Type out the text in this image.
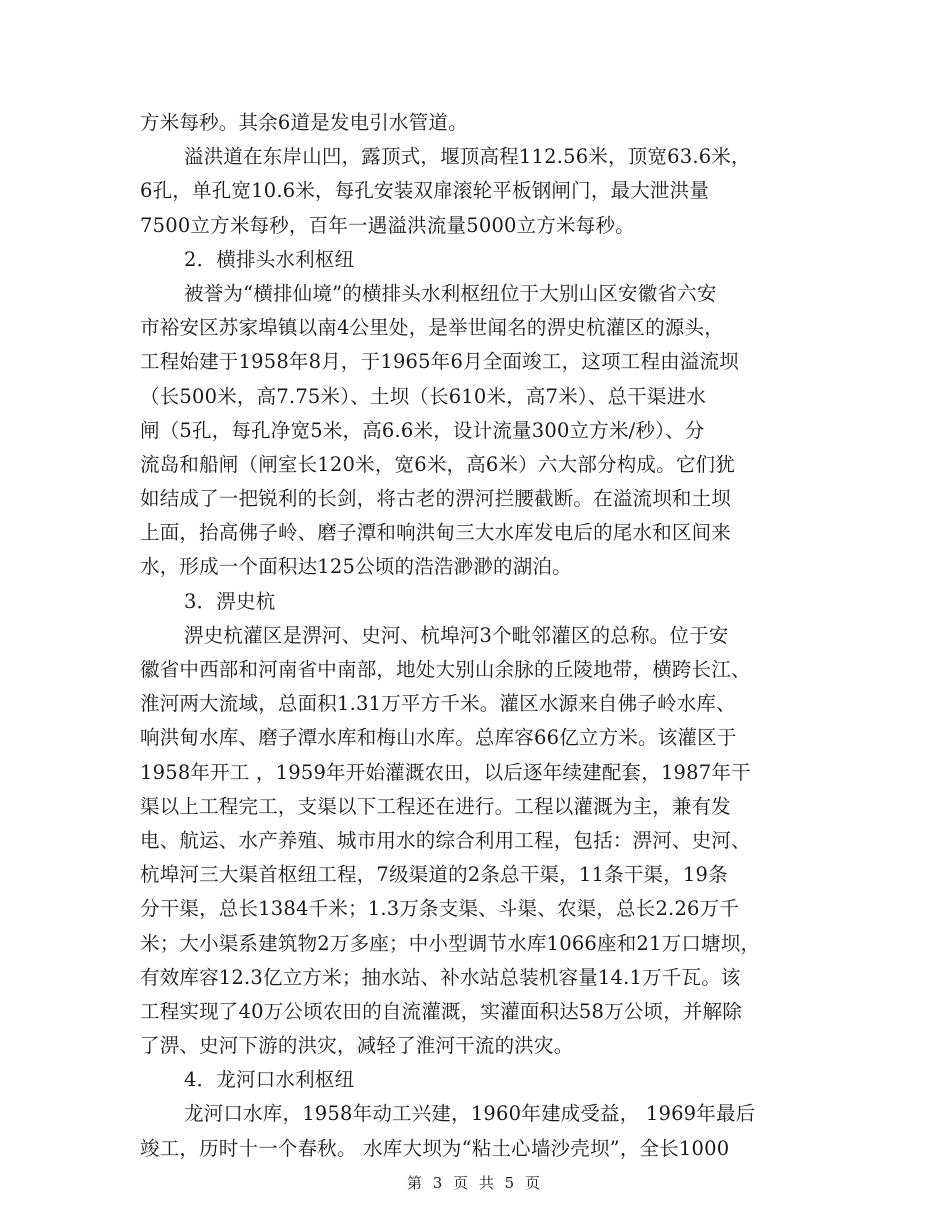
方米每秒。其余6道是发电引水管道。
溢洪道在东岸山凹，露顶式，堰顶高程112.56米，顶宽63.6米，
6孔，单孔宽10.6米，每孔安装双扉滚轮平板钢闸门，最大泄洪量
7500立方米每秒，百年一遇溢洪流量5000立方米每秒。
2．横排头水利枢纽
被誉为“横排仙境”的横排头水利枢纽位于大别山区安徽省六安
市裕安区苏家埠镇以南4公里处，是举世闻名的淠史杭灌区的源头，
工程始建于1958年8月，于1965年6月全面竣工，这项工程由溢流坝
（长500米，高7.75米）、土坝（长610米，高7米）、总干渠进水
闸（5孔，每孔净宽5米，高6.6米，设计流量300立方米/秒）、分
流岛和船闸（闸室长120米，宽6米，高6米）六大部分构成。它们犹
如结成了一把锐利的长剑，将古老的淠河拦腰截断。在溢流坝和土坝
上面，抬高佛子岭、磨子潭和响洪甸三大水库发电后的尾水和区间来
水，形成一个面积达125公顷的浩浩渺渺的湖泊。
3．淠史杭
淠史杭灌区是淠河、史河、杭埠河3个毗邻灌区的总称。位于安
徽省中西部和河南省中南部，地处大别山余脉的丘陵地带，横跨长江、
淮河两大流域，总面积1.31万平方千米。灌区水源来自佛子岭水库、
响洪甸水库、磨子潭水库和梅山水库。总库容66亿立方米。该灌区于
1958年开工 ，1959年开始灌溉农田，以后逐年续建配套，1987年干
渠以上工程完工，支渠以下工程还在进行。工程以灌溉为主，兼有发
电、航运、水产养殖、城市用水的综合利用工程，包括：淠河、史河、
杭埠河三大渠首枢纽工程，7级渠道的2条总干渠，11条干渠，19条
分干渠，总长1384千米；1.3万条支渠、斗渠、农渠，总长2.26万千
米；大小渠系建筑物2万多座；中小型调节水库1066座和21万口塘坝，
有效库容12.3亿立方米；抽水站、补水站总装机容量14.1万千瓦。该
工程实现了40万公顷农田的自流灌溉，实灌面积达58万公顷，并解除
了淠、史河下游的洪灾，减轻了淮河干流的洪灾。
4．龙河口水利枢纽
龙河口水库，1958年动工兴建，1960年建成受益， 1969年最后
竣工，历时十一个春秋。 水库大坝为“粘土心墙沙壳坝”，全长1000
第 3 页 共 5 页
